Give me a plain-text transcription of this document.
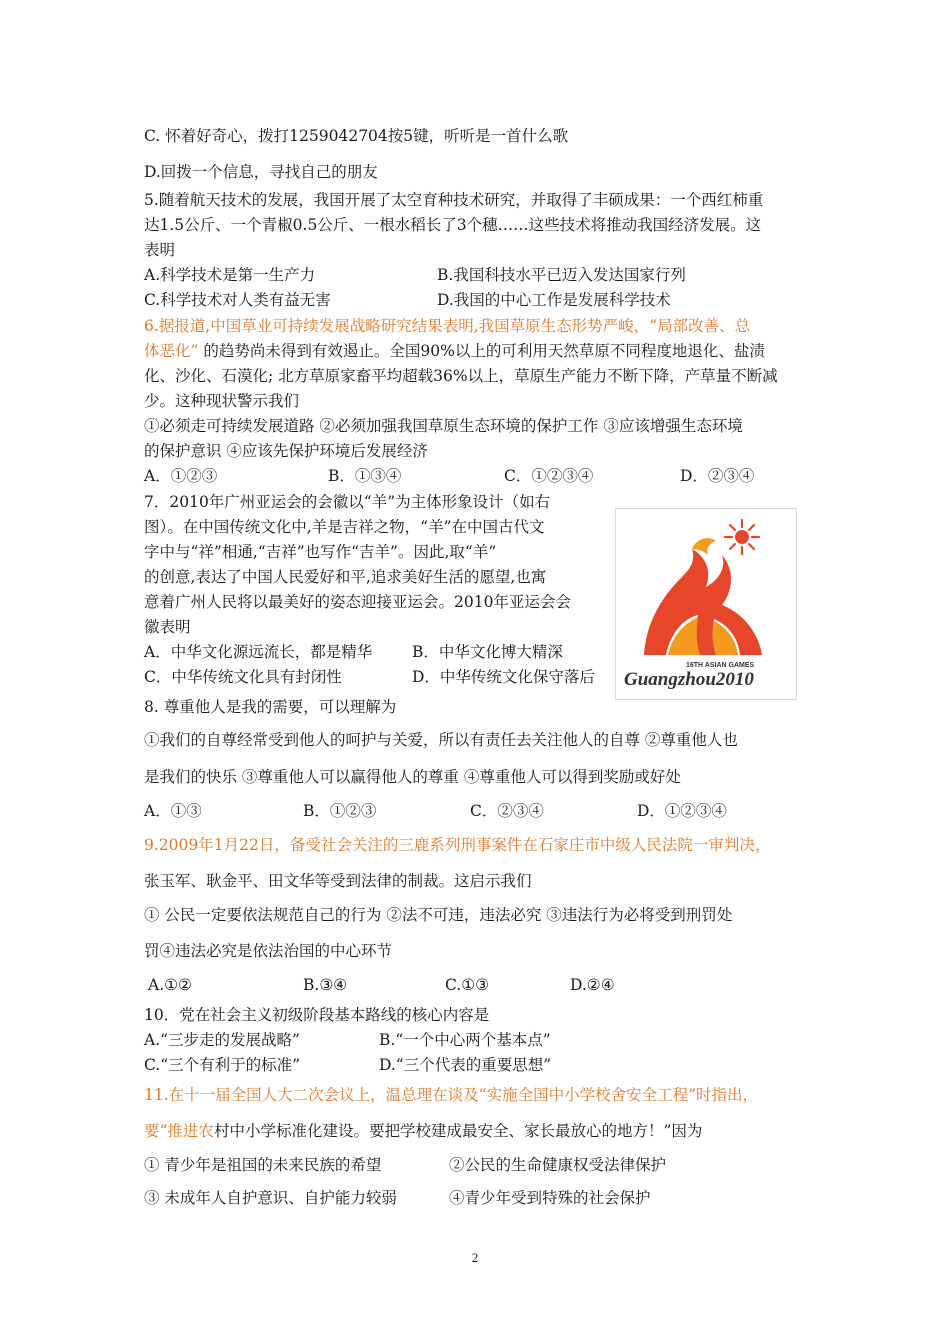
C. 怀着好奇心，拨打1259042704按5键，听听是一首什么歌
D.回拨一个信息，寻找自己的朋友
5.随着航天技术的发展，我国开展了太空育种技术研究，并取得了丰硕成果：一个西红柿重
达1.5公斤、一个青椒0.5公斤、一根水稻长了3个穗……这些技术将推动我国经济发展。这
表明
A.科学技术是第一生产力	B.我国科技水平已迈入发达国家行列
C.科学技术对人类有益无害	D.我国的中心工作是发展科学技术
6.据报道,中国草业可持续发展战略研究结果表明,我国草原生态形势严峻，“局部改善、总
体恶化” 的趋势尚未得到有效遏止。全国90%以上的可利用天然草原不同程度地退化、盐渍
化、沙化、石漠化; 北方草原家畜平均超载36%以上，草原生产能力不断下降，产草量不断减
少。这种现状警示我们
①必须走可持续发展道路 ②必须加强我国草原生态环境的保护工作 ③应该增强生态环境
的保护意识 ④应该先保护环境后发展经济
A．①②③	B．①③④	C．①②③④	D．②③④
7．2010年广州亚运会的会徽以“羊”为主体形象设计（如右
图）。在中国传统文化中,羊是吉祥之物，“羊”在中国古代文
字中与“祥”相通,“吉祥”也写作“吉羊”。因此,取“羊”
的创意,表达了中国人民爱好和平,追求美好生活的愿望,也寓
意着广州人民将以最美好的姿态迎接亚运会。2010年亚运会会
徽表明
A．中华文化源远流长，都是精华	B．中华文化博大精深
C．中华传统文化具有封闭性	D．中华传统文化保守落后
16TH ASIAN GAMES
Guangzhou2010
8. 尊重他人是我的需要，可以理解为
①我们的自尊经常受到他人的呵护与关爱，所以有责任去关注他人的自尊 ②尊重他人也
是我们的快乐 ③尊重他人可以赢得他人的尊重 ④尊重他人可以得到奖励或好处
A．①③	B．①②③	C．②③④	D．①②③④
9.2009年1月22日，备受社会关注的三鹿系列刑事案件在石家庄市中级人民法院一审判决，
张玉军、耿金平、田文华等受到法律的制裁。这启示我们
① 公民一定要依法规范自己的行为 ②法不可违，违法必究 ③违法行为必将受到刑罚处
罚④违法必究是依法治国的中心环节
A.①②	B.③④	C.①③	D.②④
10．党在社会主义初级阶段基本路线的核心内容是
A.“三步走的发展战略”	B.“一个中心两个基本点”
C.“三个有利于的标准”	D.“三个代表的重要思想”
11.在十一届全国人大二次会议上，温总理在谈及“实施全国中小学校舍安全工程”时指出，
要“推进农村中小学标准化建设。要把学校建成最安全、家长最放心的地方！”因为
① 青少年是祖国的未来民族的希望	②公民的生命健康权受法律保护
③ 未成年人自护意识、自护能力较弱	④青少年受到特殊的社会保护
2
